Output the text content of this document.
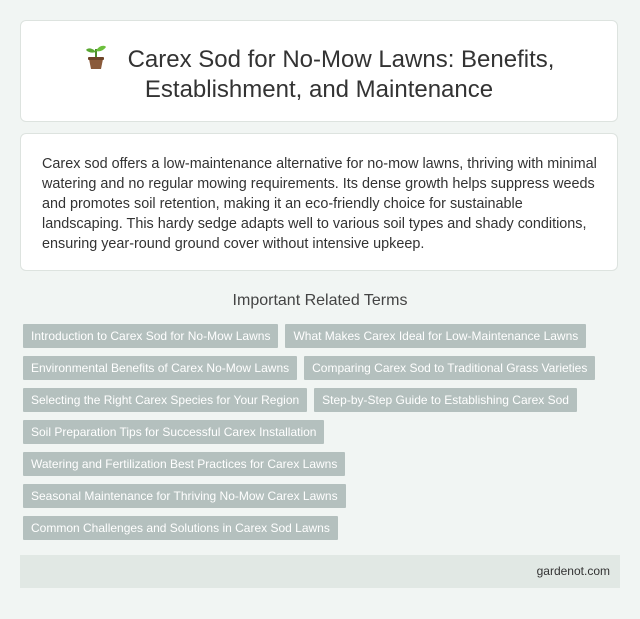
Carex Sod for No-Mow Lawns: Benefits, Establishment, and Maintenance

Carex sod offers a low-maintenance alternative for no-mow lawns, thriving with minimal watering and no regular mowing requirements. Its dense growth helps suppress weeds and promotes soil retention, making it an eco-friendly choice for sustainable landscaping. This hardy sedge adapts well to various soil types and shady conditions, ensuring year-round ground cover without intensive upkeep.

Important Related Terms
Introduction to Carex Sod for No-Mow Lawns	What Makes Carex Ideal for Low-Maintenance Lawns
Environmental Benefits of Carex No-Mow Lawns	Comparing Carex Sod to Traditional Grass Varieties
Selecting the Right Carex Species for Your Region	Step-by-Step Guide to Establishing Carex Sod
Soil Preparation Tips for Successful Carex Installation
Watering and Fertilization Best Practices for Carex Lawns
Seasonal Maintenance for Thriving No-Mow Carex Lawns
Common Challenges and Solutions in Carex Sod Lawns
gardenot.com
